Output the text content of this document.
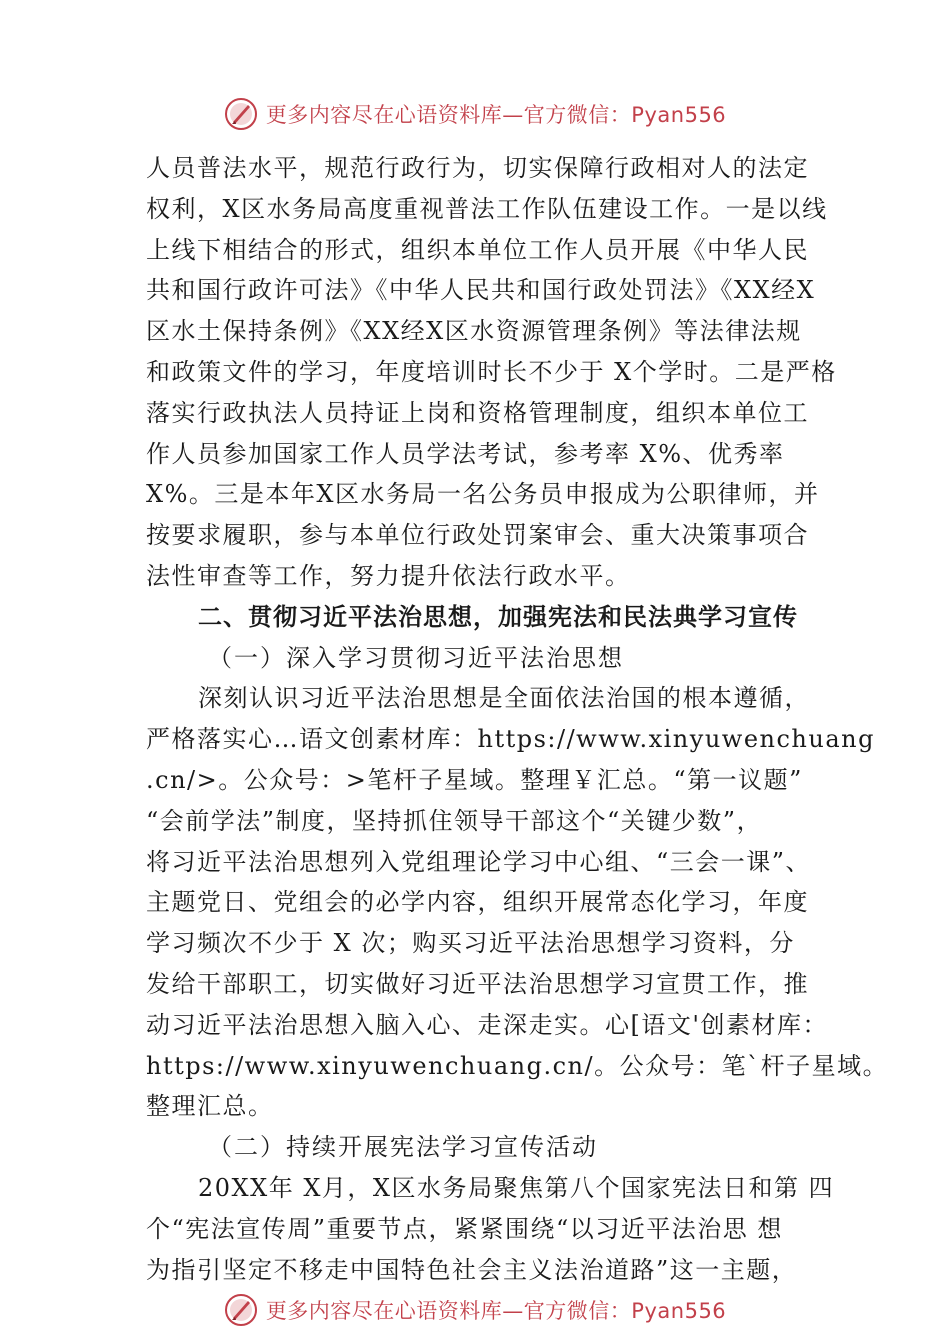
更多内容尽在心语资料库—官方微信：Pyan556
人员普法水平，规范行政行为，切实保障行政相对人的法定
权利，X区水务局高度重视普法工作队伍建设工作。一是以线
上线下相结合的形式，组织本单位工作人员开展《中华人民
共和国行政许可法》《中华人民共和国行政处罚法》《XX经X
区水土保持条例》《XX经X区水资源管理条例》等法律法规
和政策文件的学习，年度培训时长不少于 X个学时。二是严格
落实行政执法人员持证上岗和资格管理制度，组织本单位工
作人员参加国家工作人员学法考试，参考率 X%、优秀率
X%。三是本年X区水务局一名公务员申报成为公职律师，并
按要求履职，参与本单位行政处罚案审会、重大决策事项合
法性审查等工作，努力提升依法行政水平。
二、贯彻习近平法治思想，加强宪法和民法典学习宣传
（一）深入学习贯彻习近平法治思想
深刻认识习近平法治思想是全面依法治国的根本遵循，
严格落实心…语文创素材库：https://www.xinyuwenchuang
.cn/>。公众号：>笔杆子星域。整理￥汇总。“第一议题”
“会前学法”制度，坚持抓住领导干部这个“关键少数”，
将习近平法治思想列入党组理论学习中心组、“三会一课”、
主题党日、党组会的必学内容，组织开展常态化学习，年度
学习频次不少于 X 次；购买习近平法治思想学习资料，分
发给干部职工，切实做好习近平法治思想学习宣贯工作，推
动习近平法治思想入脑入心、走深走实。心[语文'创素材库：
https://www.xinyuwenchuang.cn/。公众号：笔`杆子星域。
整理汇总。
（二）持续开展宪法学习宣传活动
20XX年 X月，X区水务局聚焦第八个国家宪法日和第 四
个“宪法宣传周”重要节点，紧紧围绕“以习近平法治思 想
为指引坚定不移走中国特色社会主义法治道路”这一主题，
更多内容尽在心语资料库—官方微信：Pyan556
